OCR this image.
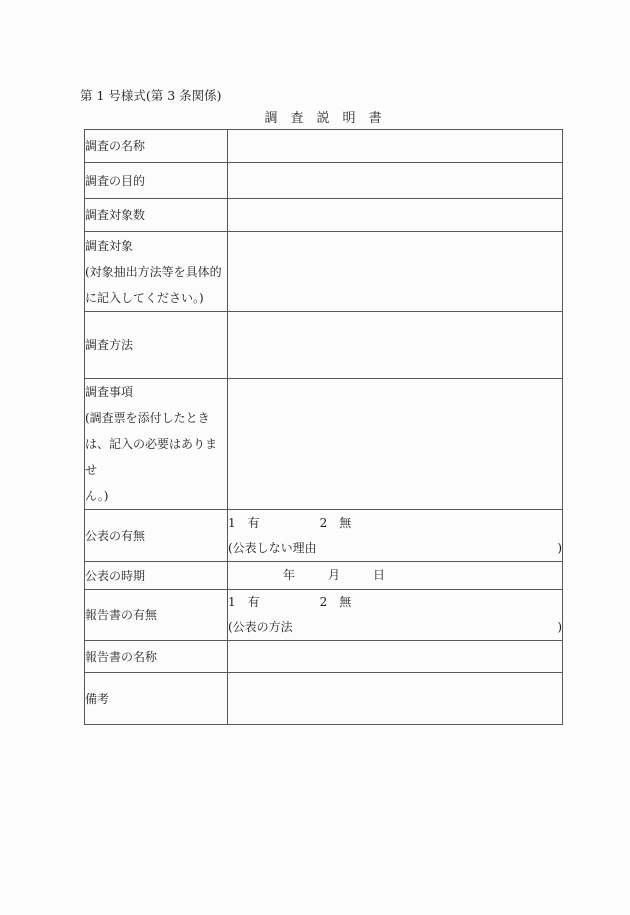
第 1 号様式(第 3 条関係)
調　査　説　明　書
調査の名称	
調査の目的	
調査対象数	

調査対象
(対象抽出方法等を具体的
に記入してください。)	

調査方法	

調査事項
(調査票を添付したとき
は、記入の必要はありませ
ん。)	

公表の有無	1　有 2　無
(公表しない理由 )

公表の時期	年 月 日

報告書の有無	1　有 2　無
(公表の方法 )

報告書の名称	
備考	
